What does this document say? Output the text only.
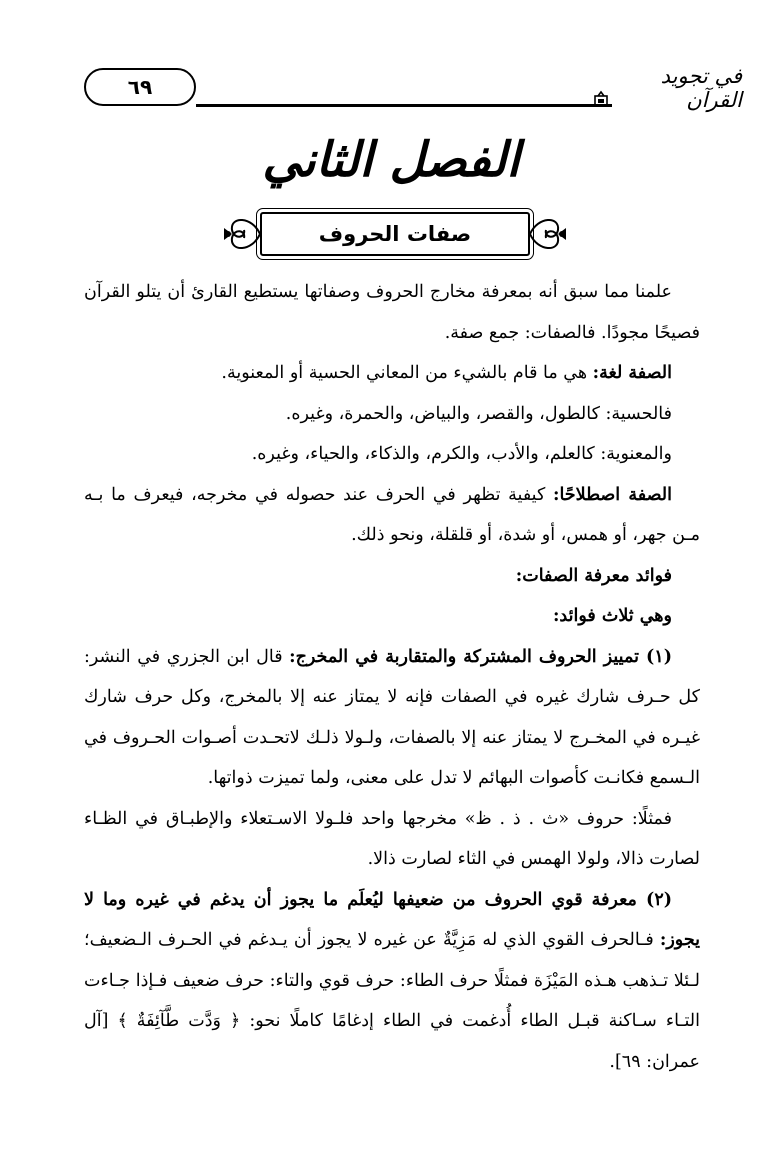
٦٩	في تجويد القرآن
الفصل الثاني
صفات الحروف

علمنا مما سبق أنه بمعرفة مخارج الحروف وصفاتها يستطيع القارئ أن يتلو القرآن فصيحًا مجودًا. فالصفات: جمع صفة.

الصفة لغة: هي ما قام بالشيء من المعاني الحسية أو المعنوية.

فالحسية: كالطول، والقصر، والبياض، والحمرة، وغيره.

والمعنوية: كالعلم، والأدب، والكرم، والذكاء، والحياء، وغيره.

الصفة اصطلاحًا: كيفية تظهر في الحرف عند حصوله في مخرجه، فيعرف ما بـه مـن جهر، أو همس، أو شدة، أو قلقلة، ونحو ذلك.

فوائد معرفة الصفات:

وهي ثلاث فوائد:

(١) تمييز الحروف المشتركة والمتقاربة في المخرج: قال ابن الجزري في النشر: كل حـرف شارك غيره في الصفات فإنه لا يمتاز عنه إلا بالمخرج، وكل حرف شارك غيـره في المخـرج لا يمتاز عنه إلا بالصفات، ولـولا ذلـك لاتحـدت أصـوات الحـروف في الـسمع فكانـت كأصوات البهائم لا تدل على معنى، ولما تميزت ذواتها.

فمثلًا: حروف «ث . ذ . ظ» مخرجها واحد فلـولا الاسـتعلاء والإطبـاق في الظـاء لصارت ذالا، ولولا الهمس في الثاء لصارت ذالا.

(٢) معرفة قوي الحروف من ضعيفها ليُعلَم ما يجوز أن يدغم في غيره وما لا يجوز: فـالحرف القوي الذي له مَزِيَّةٌ عن غيره لا يجوز أن يـدغم في الحـرف الـضعيف؛ لـئلا تـذهب هـذه المَيْزَة فمثلًا حرف الطاء: حرف قوي والتاء: حرف ضعيف فـإذا جـاءت التـاء سـاكنة قبـل الطاء أُدغمت في الطاء إدغامًا كاملًا نحو: ﴿ وَدَّت طَّآئِفَةٌ ﴾ [آل عمران: ٦٩].
